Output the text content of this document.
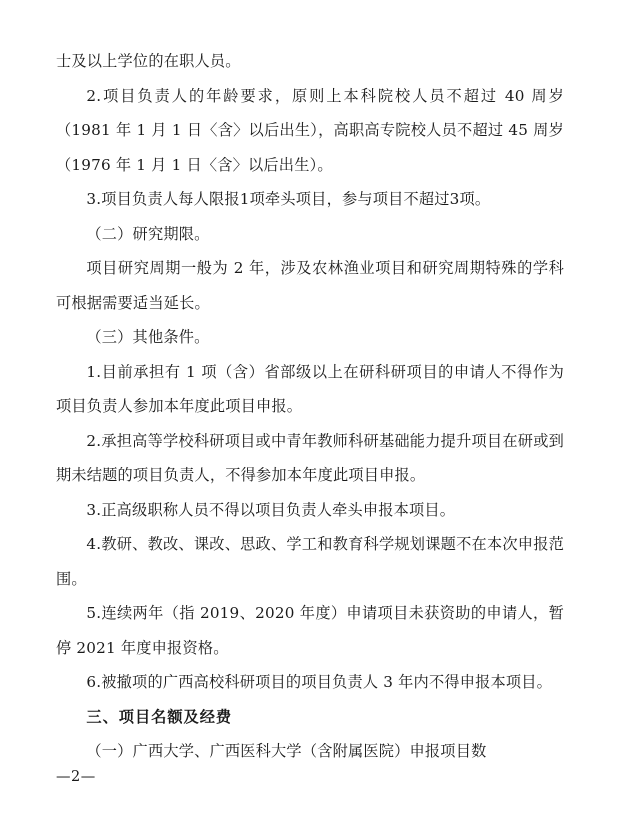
士及以上学位的在职人员。

2.项目负责人的年龄要求，原则上本科院校人员不超过 40 周岁（1981 年 1 月 1 日〈含〉以后出生），高职高专院校人员不超过 45 周岁（1976 年 1 月 1 日〈含〉以后出生）。

3.项目负责人每人限报1项牵头项目，参与项目不超过3项。

（二）研究期限。

项目研究周期一般为 2 年，涉及农林渔业项目和研究周期特殊的学科可根据需要适当延长。

（三）其他条件。

1.目前承担有 1 项（含）省部级以上在研科研项目的申请人不得作为项目负责人参加本年度此项目申报。

2.承担高等学校科研项目或中青年教师科研基础能力提升项目在研或到期未结题的项目负责人，不得参加本年度此项目申报。

3.正高级职称人员不得以项目负责人牵头申报本项目。

4.教研、教改、课改、思政、学工和教育科学规划课题不在本次申报范围。

5.连续两年（指 2019、2020 年度）申请项目未获资助的申请人，暂停 2021 年度申报资格。

6.被撤项的广西高校科研项目的项目负责人 3 年内不得申报本项目。

三、项目名额及经费

（一）广西大学、广西医科大学（含附属医院）申报项目数

—2—
